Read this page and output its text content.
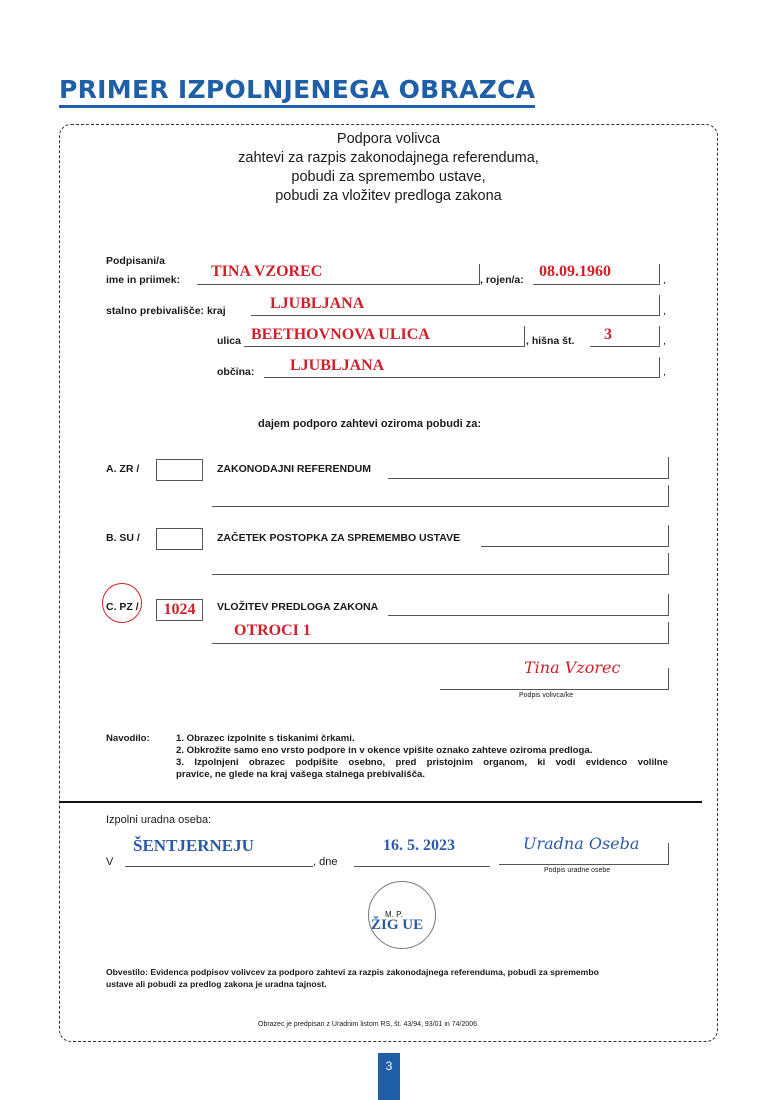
PRIMER IZPOLNJENEGA OBRAZCA
Podpora volivca
zahtevi za razpis zakonodajnega referenduma,
pobudi za spremembo ustave,
pobudi za vložitev predloga zakona
Podpisani/a
ime in priimek: TINA VZOREC	, rojen/a: 08.09.1960	,
stalno prebivališče: kraj	LJUBLJANA	,
ulica BEETHOVNOVA ULICA	, hišna št. 3	,
občina: LJUBLJANA	,
dajem podporo zahtevi oziroma pobudi za:
A. ZR /	ZAKONODAJNI REFERENDUM
B. SU /	ZAČETEK POSTOPKA ZA SPREMEMBO USTAVE
C. PZ /	1024	VLOŽITEV PREDLOGA ZAKONA
OTROCI 1
Tina Vzorec
Podpis volivca/ke
Navodilo:	1. Obrazec izpolnite s tiskanimi črkami.
2. Obkrožite samo eno vrsto podpore in v okence vpišite oznako zahteve oziroma predloga.
3. Izpolnjeni obrazec podpišite osebno, pred pristojnim organom, ki vodi evidenco volilne
pravice, ne glede na kraj vašega stalnega prebivališča.
Izpolni uradna oseba:
V
ŠENTJERNEJU
, dne
16. 5. 2023	Uradna Oseba
Podpis uradne osebe
M. P.
ŽIG UE
Obvestilo: Evidenca podpisov volivcev za podporo zahtevi za razpis zakonodajnega referenduma, pobudi za spremembo
ustave ali pobudi za predlog zakona je uradna tajnost.
Obrazec je predpisan z Uradnim listom RS, št. 43/94, 93/01 in 74/2006.
3
